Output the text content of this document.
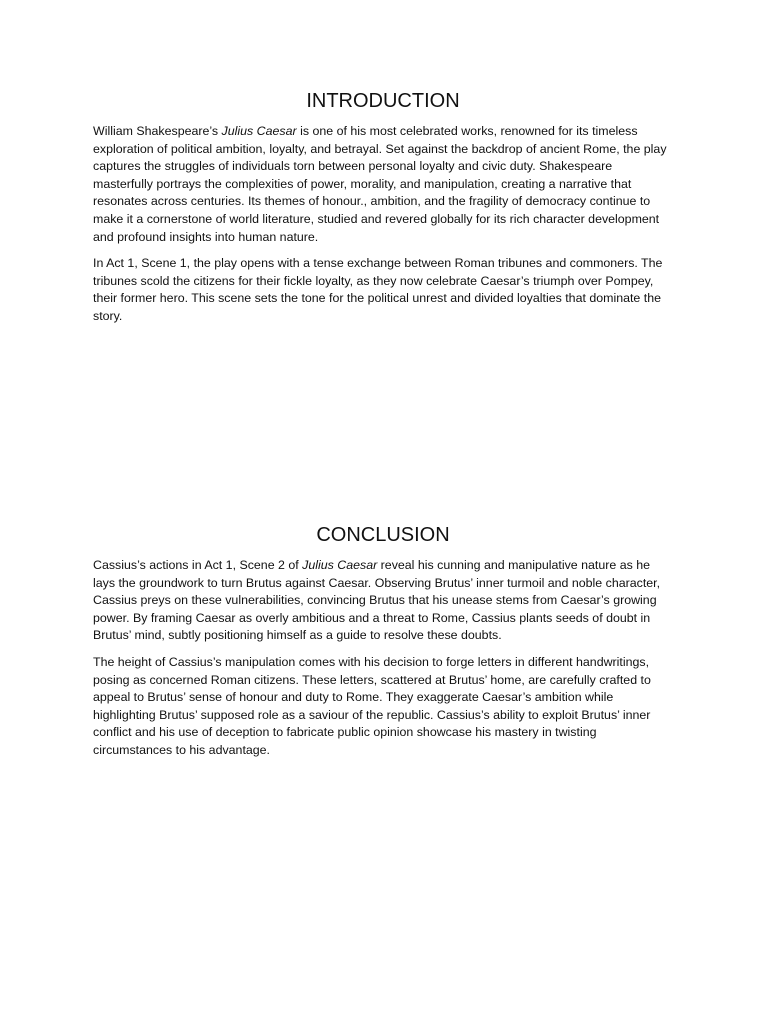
INTRODUCTION

William Shakespeare’s Julius Caesar is one of his most celebrated works, renowned for its timeless exploration of political ambition, loyalty, and betrayal. Set against the backdrop of ancient Rome, the play captures the struggles of individuals torn between personal loyalty and civic duty. Shakespeare masterfully portrays the complexities of power, morality, and manipulation, creating a narrative that resonates across centuries. Its themes of honour., ambition, and the fragility of democracy continue to make it a cornerstone of world literature, studied and revered globally for its rich character development and profound insights into human nature.

In Act 1, Scene 1, the play opens with a tense exchange between Roman tribunes and commoners. The tribunes scold the citizens for their fickle loyalty, as they now celebrate Caesar’s triumph over Pompey, their former hero. This scene sets the tone for the political unrest and divided loyalties that dominate the story.

CONCLUSION

Cassius’s actions in Act 1, Scene 2 of Julius Caesar reveal his cunning and manipulative nature as he lays the groundwork to turn Brutus against Caesar. Observing Brutus’ inner turmoil and noble character, Cassius preys on these vulnerabilities, convincing Brutus that his unease stems from Caesar’s growing power. By framing Caesar as overly ambitious and a threat to Rome, Cassius plants seeds of doubt in Brutus’ mind, subtly positioning himself as a guide to resolve these doubts.

The height of Cassius’s manipulation comes with his decision to forge letters in different handwritings, posing as concerned Roman citizens. These letters, scattered at Brutus’ home, are carefully crafted to appeal to Brutus’ sense of honour and duty to Rome. They exaggerate Caesar’s ambition while highlighting Brutus’ supposed role as a saviour of the republic. Cassius’s ability to exploit Brutus’ inner conflict and his use of deception to fabricate public opinion showcase his mastery in twisting circumstances to his advantage.
